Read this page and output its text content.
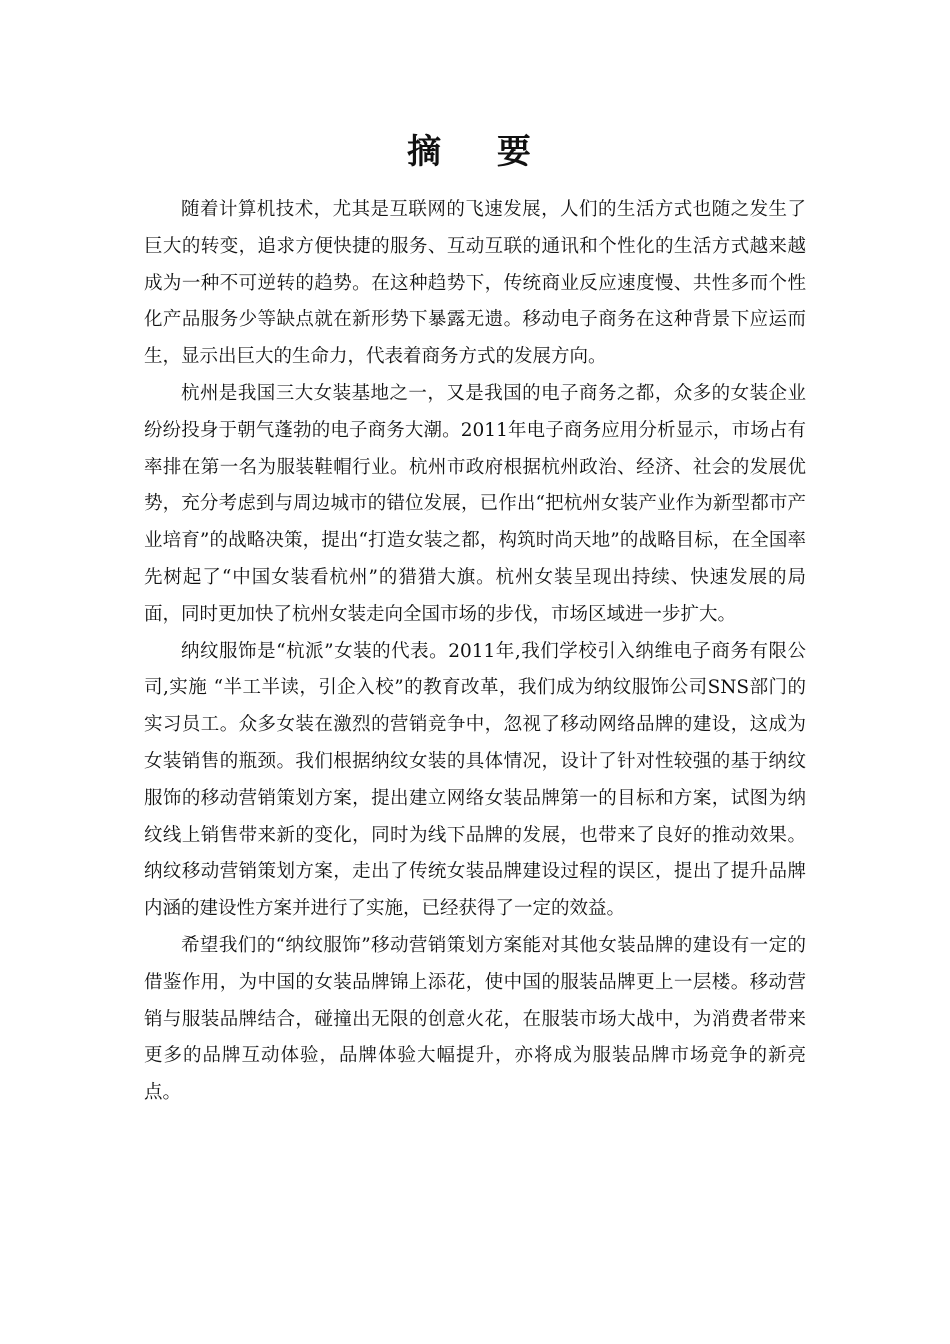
摘 要

随着计算机技术，尤其是互联网的飞速发展，人们的生活方式也随之发生了巨大的转变，追求方便快捷的服务、互动互联的通讯和个性化的生活方式越来越成为一种不可逆转的趋势。在这种趋势下，传统商业反应速度慢、共性多而个性化产品服务少等缺点就在新形势下暴露无遗。移动电子商务在这种背景下应运而生，显示出巨大的生命力，代表着商务方式的发展方向。

杭州是我国三大女装基地之一，又是我国的电子商务之都，众多的女装企业纷纷投身于朝气蓬勃的电子商务大潮。2011年电子商务应用分析显示，市场占有率排在第一名为服装鞋帽行业。杭州市政府根据杭州政治、经济、社会的发展优势，充分考虑到与周边城市的错位发展，已作出“把杭州女装产业作为新型都市产业培育”的战略决策，提出“打造女装之都，构筑时尚天地”的战略目标，在全国率先树起了“中国女装看杭州”的猎猎大旗。杭州女装呈现出持续、快速发展的局面，同时更加快了杭州女装走向全国市场的步伐，市场区域进一步扩大。

纳纹服饰是“杭派”女装的代表。2011年,我们学校引入纳维电子商务有限公司,实施 “半工半读，引企入校”的教育改革，我们成为纳纹服饰公司SNS部门的实习员工。众多女装在激烈的营销竞争中，忽视了移动网络品牌的建设，这成为女装销售的瓶颈。我们根据纳纹女装的具体情况，设计了针对性较强的基于纳纹服饰的移动营销策划方案，提出建立网络女装品牌第一的目标和方案，试图为纳纹线上销售带来新的变化，同时为线下品牌的发展，也带来了良好的推动效果。纳纹移动营销策划方案，走出了传统女装品牌建设过程的误区，提出了提升品牌内涵的建设性方案并进行了实施，已经获得了一定的效益。

希望我们的“纳纹服饰”移动营销策划方案能对其他女装品牌的建设有一定的借鉴作用，为中国的女装品牌锦上添花，使中国的服装品牌更上一层楼。移动营销与服装品牌结合，碰撞出无限的创意火花，在服装市场大战中，为消费者带来更多的品牌互动体验，品牌体验大幅提升，亦将成为服装品牌市场竞争的新亮点。
